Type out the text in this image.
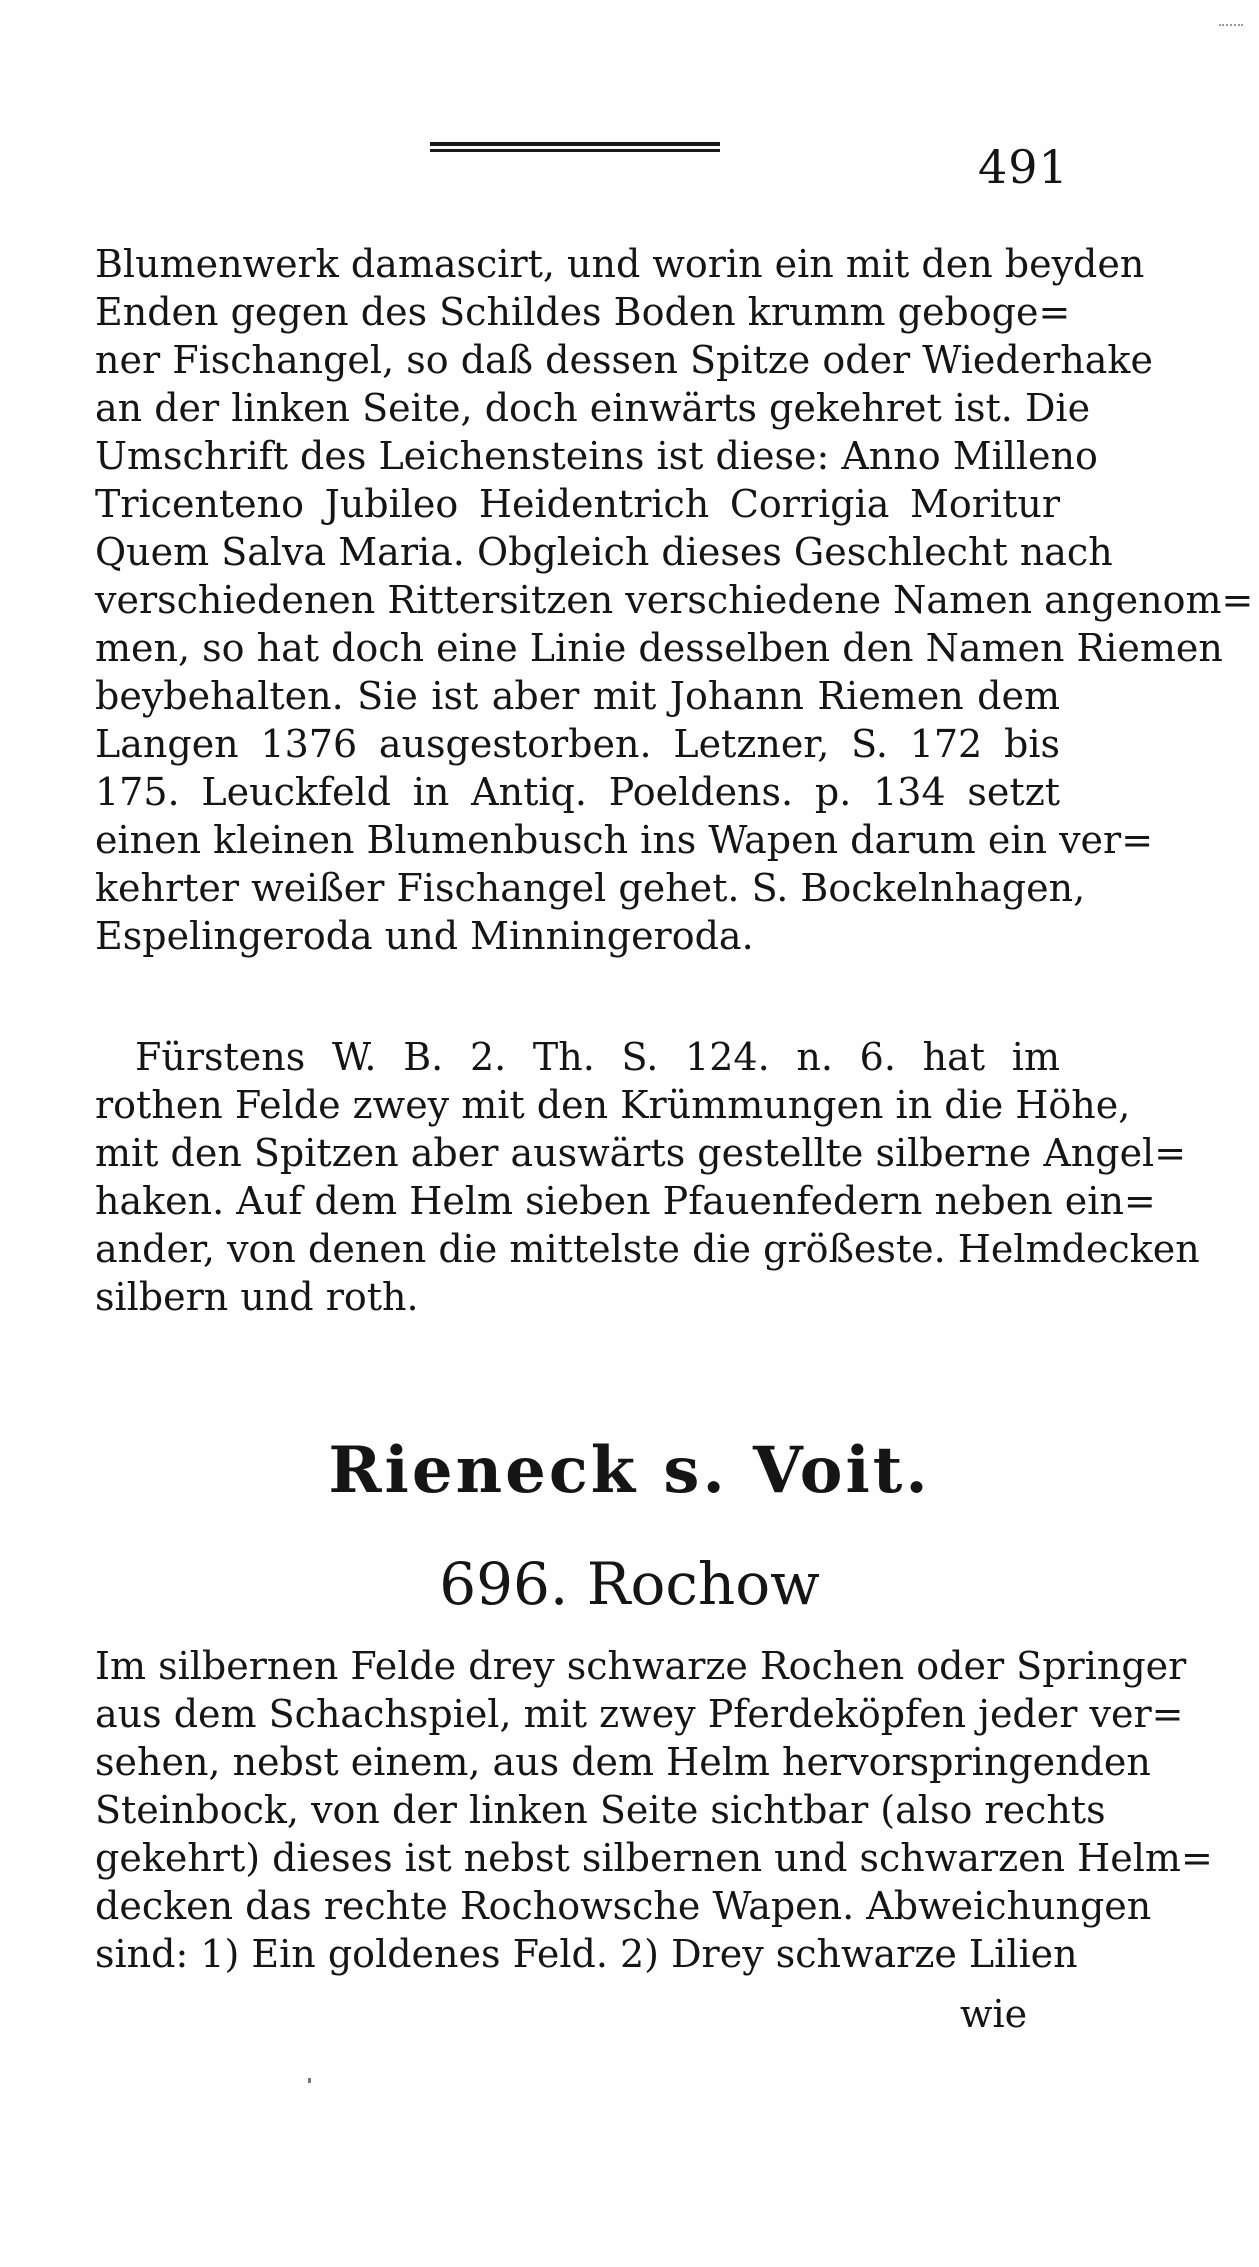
491
Blumenwerk damascirt, und worin ein mit den beyden
Enden gegen des Schildes Boden krumm geboge=
ner Fischangel, so daß dessen Spitze oder Wiederhake
an der linken Seite, doch einwärts gekehret ist. Die
Umschrift des Leichensteins ist diese: Anno Milleno
Tricenteno Jubileo Heidentrich Corrigia Moritur
Quem Salva Maria. Obgleich dieses Geschlecht nach
verschiedenen Rittersitzen verschiedene Namen angenom=
men, so hat doch eine Linie desselben den Namen Riemen
beybehalten. Sie ist aber mit Johann Riemen dem
Langen 1376 ausgestorben. Letzner, S. 172 bis
175. Leuckfeld in Antiq. Poeldens. p. 134 setzt
einen kleinen Blumenbusch ins Wapen darum ein ver=
kehrter weißer Fischangel gehet. S. Bockelnhagen,
Espelingeroda und Minningeroda.
Fürstens W. B. 2. Th. S. 124. n. 6. hat im
rothen Felde zwey mit den Krümmungen in die Höhe,
mit den Spitzen aber auswärts gestellte silberne Angel=
haken. Auf dem Helm sieben Pfauenfedern neben ein=
ander, von denen die mittelste die größeste. Helmdecken
silbern und roth.
Rieneck s. Voit.
696. Rochow
Im silbernen Felde drey schwarze Rochen oder Springer
aus dem Schachspiel, mit zwey Pferdeköpfen jeder ver=
sehen, nebst einem, aus dem Helm hervorspringenden
Steinbock, von der linken Seite sichtbar (also rechts
gekehrt) dieses ist nebst silbernen und schwarzen Helm=
decken das rechte Rochowsche Wapen. Abweichungen
sind: 1) Ein goldenes Feld. 2) Drey schwarze Lilien
wie
